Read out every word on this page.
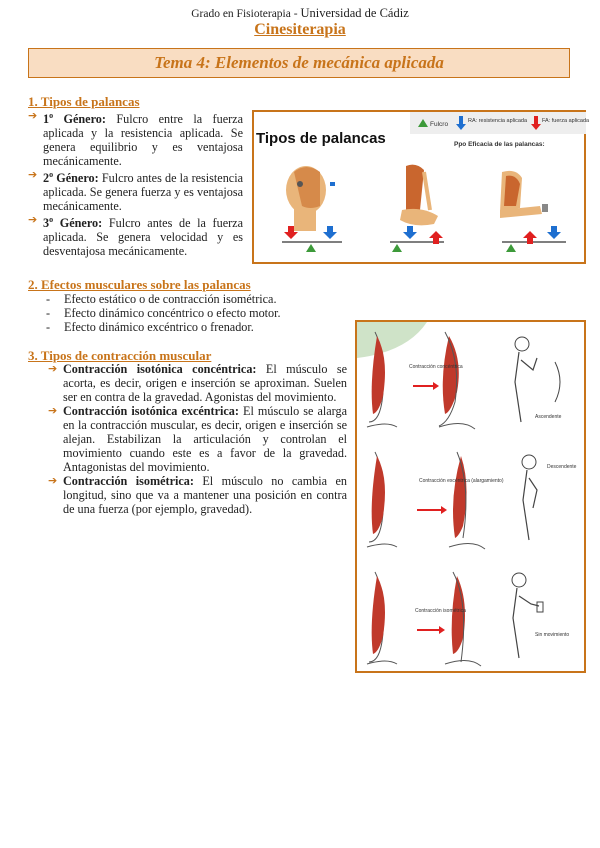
Grado en Fisioterapia - Universidad de Cádiz
Cinesiterapia
Tema 4: Elementos de mecánica aplicada
1. Tipos de palancas
➔ 1$^o$ Género: Fulcro entre la fuerza aplicada y la resistencia aplicada. Se genera equilibrio y es ventajosa mecánicamente.
➔ 2$^o$ Género: Fulcro antes de la resistencia aplicada. Se genera fuerza y es ventajosa mecánicamente.
➔ 3$^o$ Género: Fulcro antes de la fuerza aplicada. Se genera velocidad y es desventajosa mecánicamente.
Fulcro	RA: resistencia aplicada	FA: fuerza aplicada
Tipos de palancas	Ppo Eficacia de las palancas:
2. Efectos musculares sobre las palancas
- Efecto estático o de contracción isométrica.
- Efecto dinámico concéntrico o efecto motor.
- Efecto dinámico excéntrico o frenador.
3. Tipos de contracción muscular
➔ Contracción isotónica concéntrica: El músculo se acorta, es decir, origen e inserción se aproximan. Suelen ser en contra de la gravedad. Agonistas del movimiento.
➔ Contracción isotónica excéntrica: El músculo se alarga en la contracción muscular, es decir, origen e inserción se alejan. Estabilizan la articulación y controlan el movimiento cuando este es a favor de la gravedad. Antagonistas del movimiento.
➔ Contracción isométrica: El músculo no cambia en longitud, sino que va a mantener una posición en contra de una fuerza (por ejemplo, gravedad).
Contracción concéntrica
Ascendente
Contracción excéntrica (alargamiento)
Descendente
Contracción isométrica
Sin movimiento
